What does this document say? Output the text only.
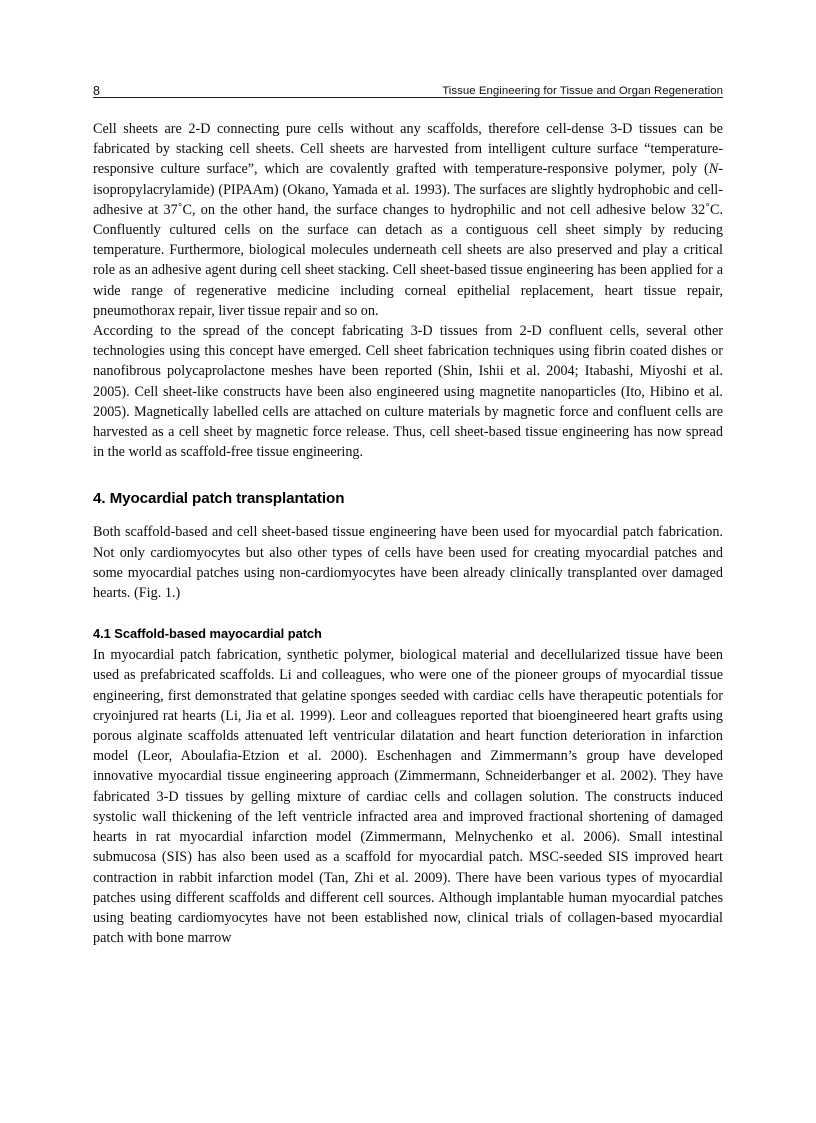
8	Tissue Engineering for Tissue and Organ Regeneration

Cell sheets are 2-D connecting pure cells without any scaffolds, therefore cell-dense 3-D tissues can be fabricated by stacking cell sheets. Cell sheets are harvested from intelligent culture surface “temperature-responsive culture surface”, which are covalently grafted with temperature-responsive polymer, poly (N-isopropylacrylamide) (PIPAAm) (Okano, Yamada et al. 1993). The surfaces are slightly hydrophobic and cell-adhesive at 37˚C, on the other hand, the surface changes to hydrophilic and not cell adhesive below 32˚C. Confluently cultured cells on the surface can detach as a contiguous cell sheet simply by reducing temperature. Furthermore, biological molecules underneath cell sheets are also preserved and play a critical role as an adhesive agent during cell sheet stacking. Cell sheet-based tissue engineering has been applied for a wide range of regenerative medicine including corneal epithelial replacement, heart tissue repair, pneumothorax repair, liver tissue repair and so on.

According to the spread of the concept fabricating 3-D tissues from 2-D confluent cells, several other technologies using this concept have emerged. Cell sheet fabrication techniques using fibrin coated dishes or nanofibrous polycaprolactone meshes have been reported (Shin, Ishii et al. 2004; Itabashi, Miyoshi et al. 2005). Cell sheet-like constructs have been also engineered using magnetite nanoparticles (Ito, Hibino et al. 2005). Magnetically labelled cells are attached on culture materials by magnetic force and confluent cells are harvested as a cell sheet by magnetic force release. Thus, cell sheet-based tissue engineering has now spread in the world as scaffold-free tissue engineering.

4. Myocardial patch transplantation

Both scaffold-based and cell sheet-based tissue engineering have been used for myocardial patch fabrication. Not only cardiomyocytes but also other types of cells have been used for creating myocardial patches and some myocardial patches using non-cardiomyocytes have been already clinically transplanted over damaged hearts. (Fig. 1.)

4.1 Scaffold-based mayocardial patch

In myocardial patch fabrication, synthetic polymer, biological material and decellularized tissue have been used as prefabricated scaffolds. Li and colleagues, who were one of the pioneer groups of myocardial tissue engineering, first demonstrated that gelatine sponges seeded with cardiac cells have therapeutic potentials for cryoinjured rat hearts (Li, Jia et al. 1999). Leor and colleagues reported that bioengineered heart grafts using porous alginate scaffolds attenuated left ventricular dilatation and heart function deterioration in infarction model (Leor, Aboulafia-Etzion et al. 2000). Eschenhagen and Zimmermann’s group have developed innovative myocardial tissue engineering approach (Zimmermann, Schneiderbanger et al. 2002). They have fabricated 3-D tissues by gelling mixture of cardiac cells and collagen solution. The constructs induced systolic wall thickening of the left ventricle infracted area and improved fractional shortening of damaged hearts in rat myocardial infarction model (Zimmermann, Melnychenko et al. 2006). Small intestinal submucosa (SIS) has also been used as a scaffold for myocardial patch. MSC-seeded SIS improved heart contraction in rabbit infarction model (Tan, Zhi et al. 2009). There have been various types of myocardial patches using different scaffolds and different cell sources. Although implantable human myocardial patches using beating cardiomyocytes have not been established now, clinical trials of collagen-based myocardial patch with bone marrow
